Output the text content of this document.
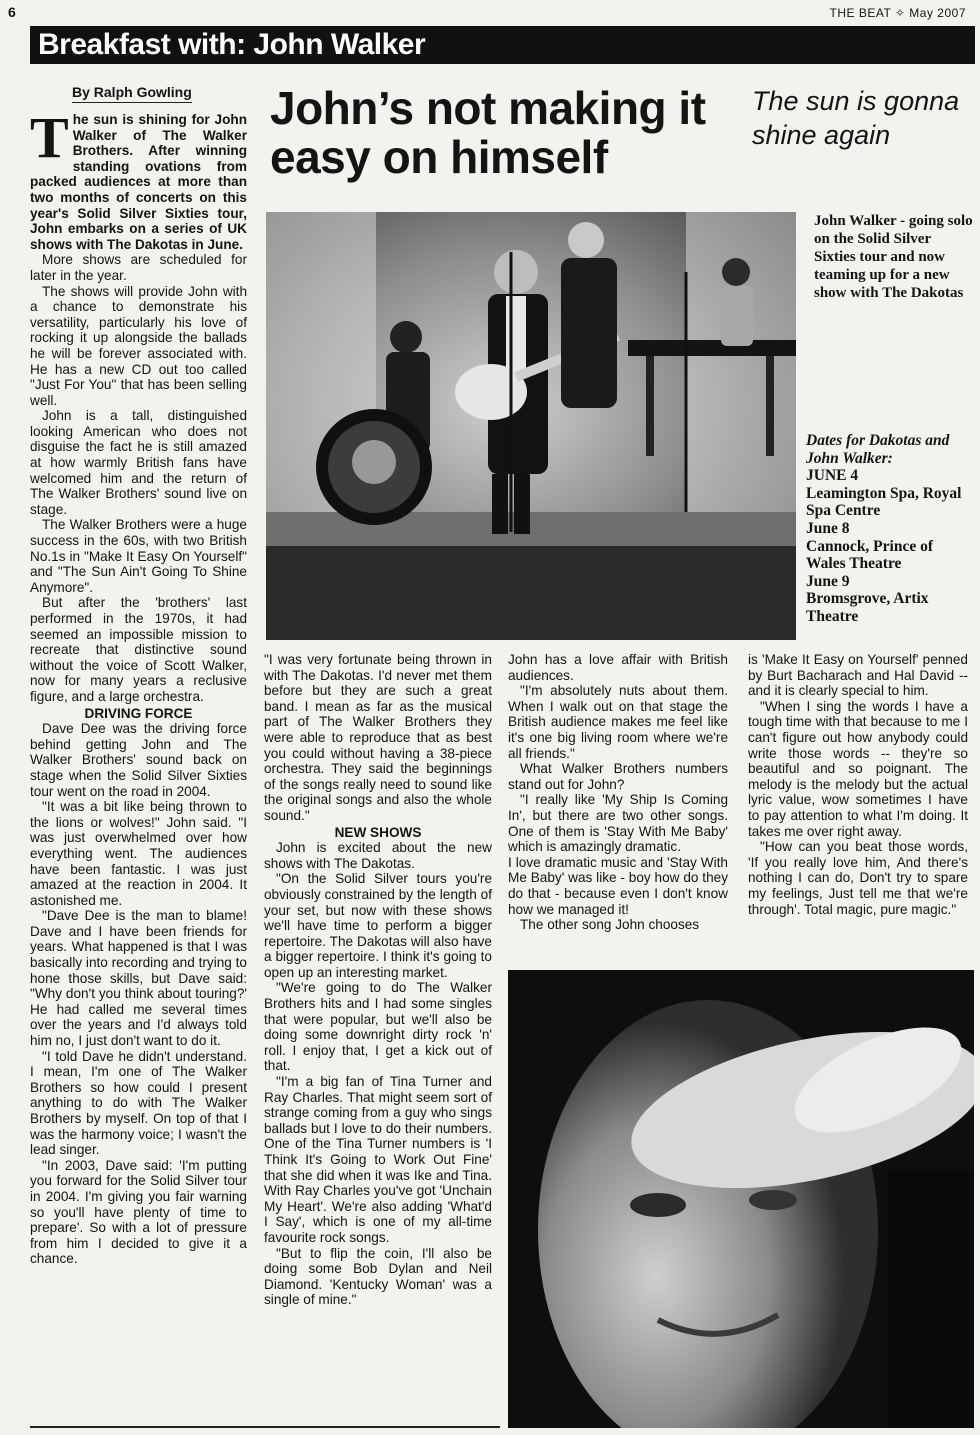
6	THE BEAT ✧ May 2007
Breakfast with: John Walker
By Ralph Gowling John’s not making it easy on himself
The sun is gonna shine again

The sun is shining for John Walker of The Walker Brothers. After winning standing ovations from packed audiences at more than two months of concerts on this year's Solid Silver Sixties tour, John embarks on a series of UK shows with The Dakotas in June.

More shows are scheduled for later in the year.

The shows will provide John with a chance to demonstrate his versatility, particularly his love of rocking it up alongside the ballads he will be forever associated with. He has a new CD out too called "Just For You" that has been selling well.

John is a tall, distinguished looking American who does not disguise the fact he is still amazed at how warmly British fans have welcomed him and the return of The Walker Brothers' sound live on stage.

The Walker Brothers were a huge success in the 60s, with two British No.1s in "Make It Easy On Yourself" and "The Sun Ain't Going To Shine Anymore".

But after the 'brothers' last performed in the 1970s, it had seemed an impossible mission to recreate that distinctive sound without the voice of Scott Walker, now for many years a reclusive figure, and a large orchestra.

DRIVING FORCE

Dave Dee was the driving force behind getting John and The Walker Brothers' sound back on stage when the Solid Silver Sixties tour went on the road in 2004.

"It was a bit like being thrown to the lions or wolves!" John said. "I was just overwhelmed over how everything went. The audiences have been fantastic. I was just amazed at the reaction in 2004. It astonished me.

"Dave Dee is the man to blame! Dave and I have been friends for years. What happened is that I was basically into recording and trying to hone those skills, but Dave said: "Why don't you think about touring?' He had called me several times over the years and I'd always told him no, I just don't want to do it.

"I told Dave he didn't understand. I mean, I'm one of The Walker Brothers so how could I present anything to do with The Walker Brothers by myself. On top of that I was the harmony voice; I wasn't the lead singer.

"In 2003, Dave said: 'I'm putting you forward for the Solid Silver tour in 2004. I'm giving you fair warning so you'll have plenty of time to prepare'. So with a lot of pressure from him I decided to give it a chance.

John Walker - going solo on the Solid Silver Sixties tour and now teaming up for a new show with The Dakotas
Dates for Dakotas and John Walker:
JUNE 4
Leamington Spa, Royal Spa Centre
June 8
Cannock, Prince of Wales Theatre
June 9
Bromsgrove, Artix Theatre

"I was very fortunate being thrown in with The Dakotas. I'd never met them before but they are such a great band. I mean as far as the musical part of The Walker Brothers they were able to reproduce that as best you could without having a 38-piece orchestra. They said the beginnings of the songs really need to sound like the original songs and also the whole sound."

NEW SHOWS

John is excited about the new shows with The Dakotas.

"On the Solid Silver tours you're obviously constrained by the length of your set, but now with these shows we'll have time to perform a bigger repertoire. The Dakotas will also have a bigger repertoire. I think it's going to open up an interesting market.

"We're going to do The Walker Brothers hits and I had some singles that were popular, but we'll also be doing some downright dirty rock 'n' roll. I enjoy that, I get a kick out of that.

"I'm a big fan of Tina Turner and Ray Charles. That might seem sort of strange coming from a guy who sings ballads but I love to do their numbers. One of the Tina Turner numbers is 'I Think It's Going to Work Out Fine' that she did when it was Ike and Tina. With Ray Charles you've got 'Unchain My Heart'. We're also adding 'What'd I Say', which is one of my all-time favourite rock songs.

"But to flip the coin, I'll also be doing some Bob Dylan and Neil Diamond. 'Kentucky Woman' was a single of mine."

John has a love affair with British audiences.

"I'm absolutely nuts about them. When I walk out on that stage the British audience makes me feel like it's one big living room where we're all friends."

What Walker Brothers numbers stand out for John?

"I really like 'My Ship Is Coming In', but there are two other songs. One of them is 'Stay With Me Baby' which is amazingly dramatic.

I love dramatic music and 'Stay With Me Baby' was like - boy how do they do that - because even I don't know how we managed it!

The other song John chooses

is 'Make It Easy on Yourself' penned by Burt Bacharach and Hal David -- and it is clearly special to him.

"When I sing the words I have a tough time with that because to me I can't figure out how anybody could write those words -- they're so beautiful and so poignant. The melody is the melody but the actual lyric value, wow sometimes I have to pay attention to what I'm doing. It takes me over right away.

"How can you beat those words, 'If you really love him, And there's nothing I can do, Don't try to spare my feelings, Just tell me that we're through'. Total magic, pure magic."
